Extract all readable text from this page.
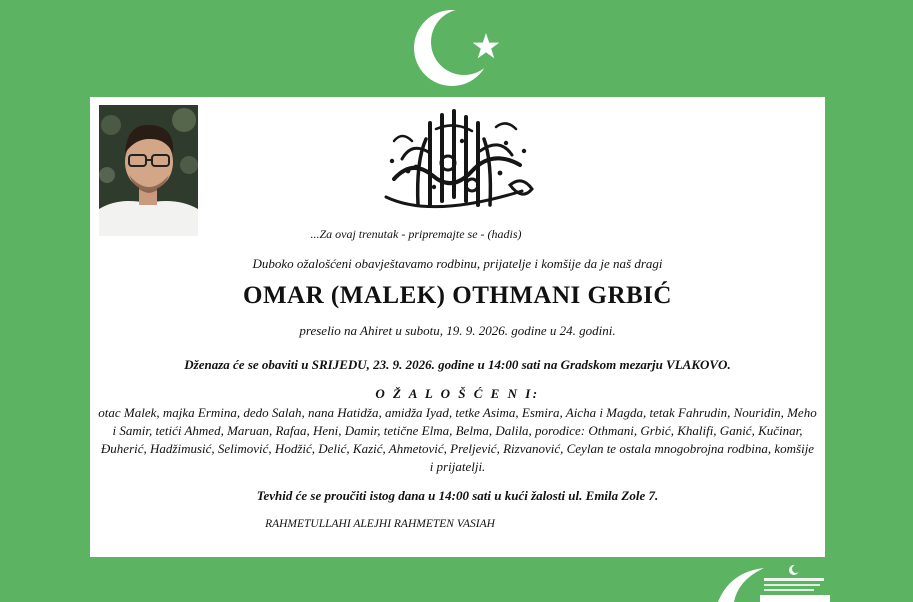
...Za ovaj trenutak - pripremajte se - (hadis)
Duboko ožalošćeni obavještavamo rodbinu, prijatelje i komšije da je naš dragi
OMAR (MALEK) OTHMANI GRBIĆ
preselio na Ahiret u subotu, 19. 9. 2026. godine u 24. godini.
Dženaza će se obaviti u SRIJEDU, 23. 9. 2026. godine u 14:00 sati na Gradskom mezarju VLAKOVO.
O Ž A L O Š Ć E N I:
otac Malek, majka Ermina, dedo Salah, nana Hatidža, amidža Iyad, tetke Asima, Esmira, Aicha i Magda, tetak Fahrudin, Nouridin, Meho i Samir, tetići Ahmed, Maruan, Rafaa, Heni, Damir, tetične Elma, Belma, Dalila, porodice: Othmani, Grbić, Khalifi, Ganić, Kučinar, Đuherić, Hadžimusić, Selimović, Hodžić, Delić, Kazić, Ahmetović, Preljević, Rizvanović, Ceylan te ostala mnogobrojna rodbina, komšije i prijatelji.
Tevhid će se proučiti istog dana u 14:00 sati u kući žalosti ul. Emila Zole 7.
RAHMETULLAHI ALEJHI RAHMETEN VASIAH
